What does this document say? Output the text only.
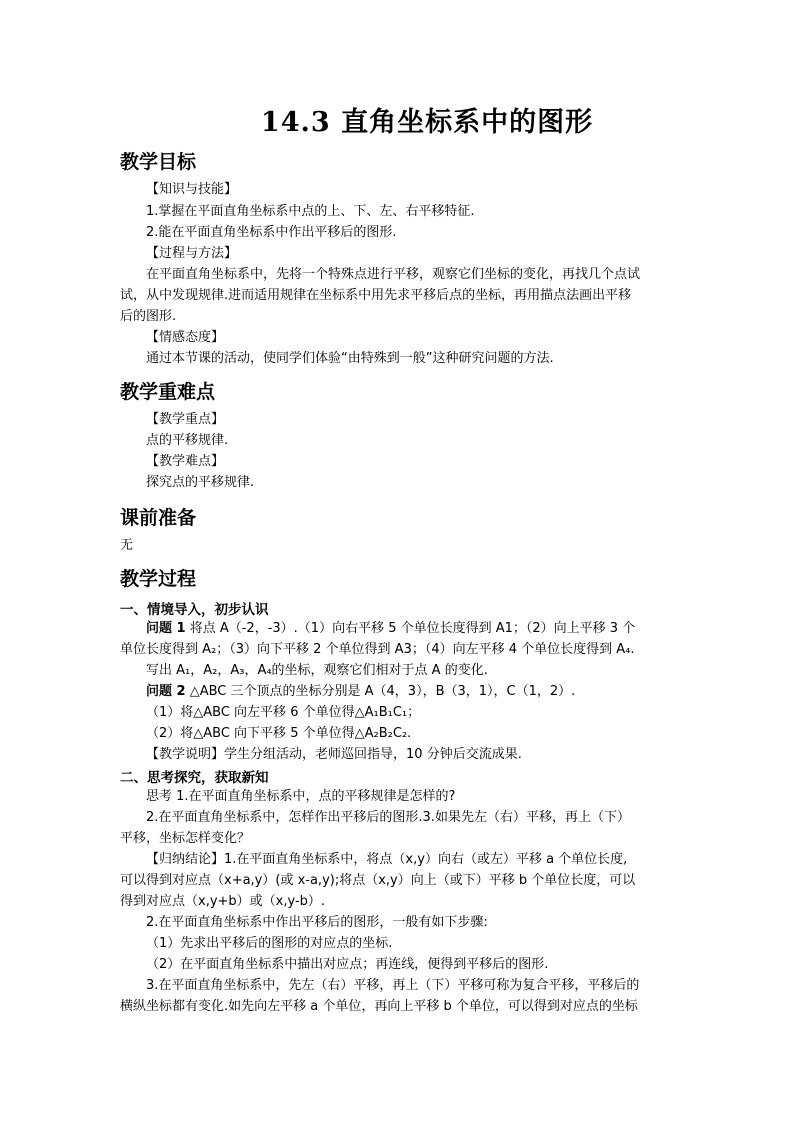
14.3 直角坐标系中的图形
教学目标
【知识与技能】
1.掌握在平面直角坐标系中点的上、下、左、右平移特征.
2.能在平面直角坐标系中作出平移后的图形.
【过程与方法】
在平面直角坐标系中，先将一个特殊点进行平移，观察它们坐标的变化，再找几个点试
试，从中发现规律.进而适用规律在坐标系中用先求平移后点的坐标，再用描点法画出平移
后的图形.
【情感态度】
通过本节课的活动，使同学们体验“由特殊到一般”这种研究问题的方法.
教学重难点
【教学重点】
点的平移规律.
【教学难点】
探究点的平移规律.
课前准备
无
教学过程
一、情境导入，初步认识
问题 1 将点 A（-2，-3）.（1）向右平移 5 个单位长度得到 A1；（2）向上平移 3 个
单位长度得到 A₂；（3）向下平移 2 个单位得到 A3；（4）向左平移 4 个单位长度得到 A₄.
写出 A₁，A₂，A₃，A₄的坐标，观察它们相对于点 A 的变化.
问题 2 △ABC 三个顶点的坐标分别是 A（4，3），B（3，1），C（1，2）.
（1）将△ABC 向左平移 6 个单位得△A₁B₁C₁；
（2）将△ABC 向下平移 5 个单位得△A₂B₂C₂.
【教学说明】学生分组活动，老师巡回指导，10 分钟后交流成果.
二、思考探究，获取新知
思考 1.在平面直角坐标系中，点的平移规律是怎样的?
2.在平面直角坐标系中，怎样作出平移后的图形.3.如果先左（右）平移，再上（下）
平移，坐标怎样变化？
【归纳结论】1.在平面直角坐标系中，将点（x,y）向右（或左）平移 a 个单位长度,
可以得到对应点（x+a,y）(或 x-a,y);将点（x,y）向上（或下）平移 b 个单位长度，可以
得到对应点（x,y+b）或（x,y-b）.
2.在平面直角坐标系中作出平移后的图形，一般有如下步骤:
（1）先求出平移后的图形的对应点的坐标.
（2）在平面直角坐标系中描出对应点；再连线，便得到平移后的图形.
3.在平面直角坐标系中，先左（右）平移，再上（下）平移可称为复合平移，平移后的
横纵坐标都有变化.如先向左平移 a 个单位，再向上平移 b 个单位，可以得到对应点的坐标
